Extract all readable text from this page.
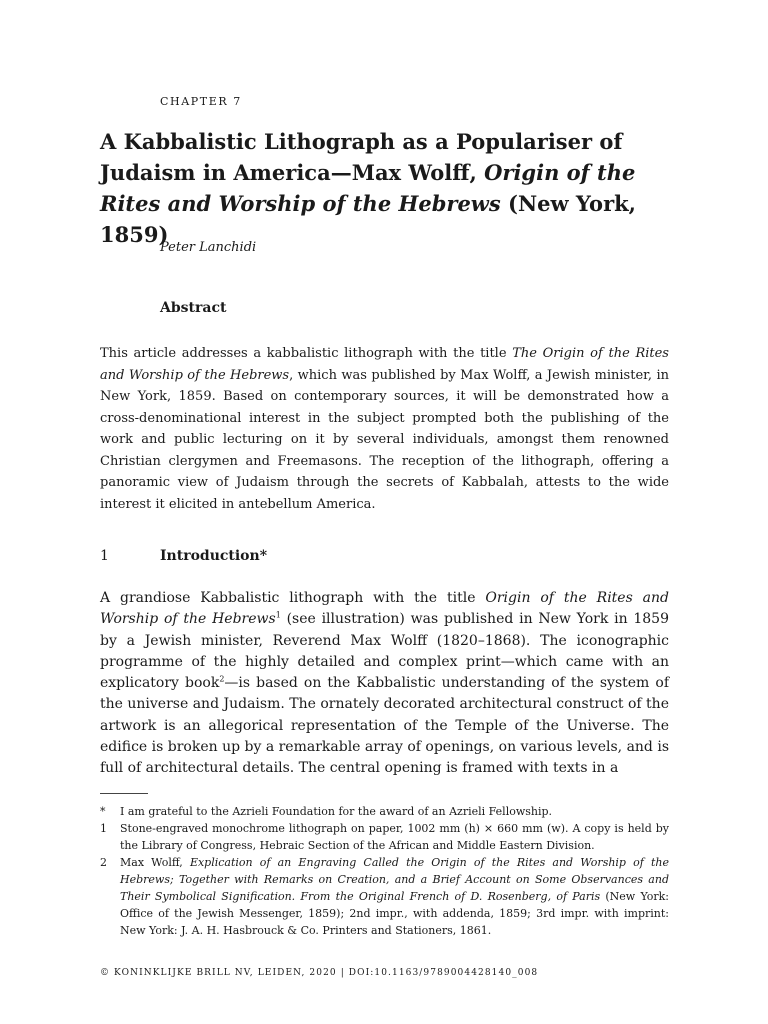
CHAPTER 7
A Kabbalistic Lithograph as a Populariser of Judaism in America—Max Wolff, Origin of the Rites and Worship of the Hebrews (New York, 1859)
Peter Lanchidi
Abstract

This article addresses a kabbalistic lithograph with the title The Origin of the Rites and Worship of the Hebrews, which was published by Max Wolff, a Jewish minister, in New York, 1859. Based on contemporary sources, it will be demonstrated how a cross-denominational interest in the subject prompted both the publishing of the work and public lecturing on it by several individuals, amongst them renowned Christian clergymen and Freemasons. The reception of the lithograph, offering a panoramic view of Judaism through the secrets of Kabbalah, attests to the wide interest it elicited in antebellum America.

1	Introduction*

A grandiose Kabbalistic lithograph with the title Origin of the Rites and Worship of the Hebrews$^1$ (see illustration) was published in New York in 1859 by a Jewish minister, Reverend Max Wolff (1820–1868). The iconographic programme of the highly detailed and complex print—which came with an explicatory book$^2$—is based on the Kabbalistic understanding of the system of the universe and Judaism. The ornately decorated architectural construct of the artwork is an allegorical representation of the Temple of the Universe. The edifice is broken up by a remarkable array of openings, on various levels, and is full of architectural details. The central opening is framed with texts in a

* I am grateful to the Azrieli Foundation for the award of an Azrieli Fellowship.
1 Stone-engraved monochrome lithograph on paper, 1002 mm (h) × 660 mm (w). A copy is held by the Library of Congress, Hebraic Section of the African and Middle Eastern Division.
2 Max Wolff, Explication of an Engraving Called the Origin of the Rites and Worship of the Hebrews; Together with Remarks on Creation, and a Brief Account on Some Observances and Their Symbolical Signification. From the Original French of D. Rosenberg, of Paris (New York: Office of the Jewish Messenger, 1859); 2nd impr., with addenda, 1859; 3rd impr. with imprint: New York: J. A. H. Hasbrouck & Co. Printers and Stationers, 1861.
© KONINKLIJKE BRILL NV, LEIDEN, 2020 | DOI:10.1163/9789004428140_008
